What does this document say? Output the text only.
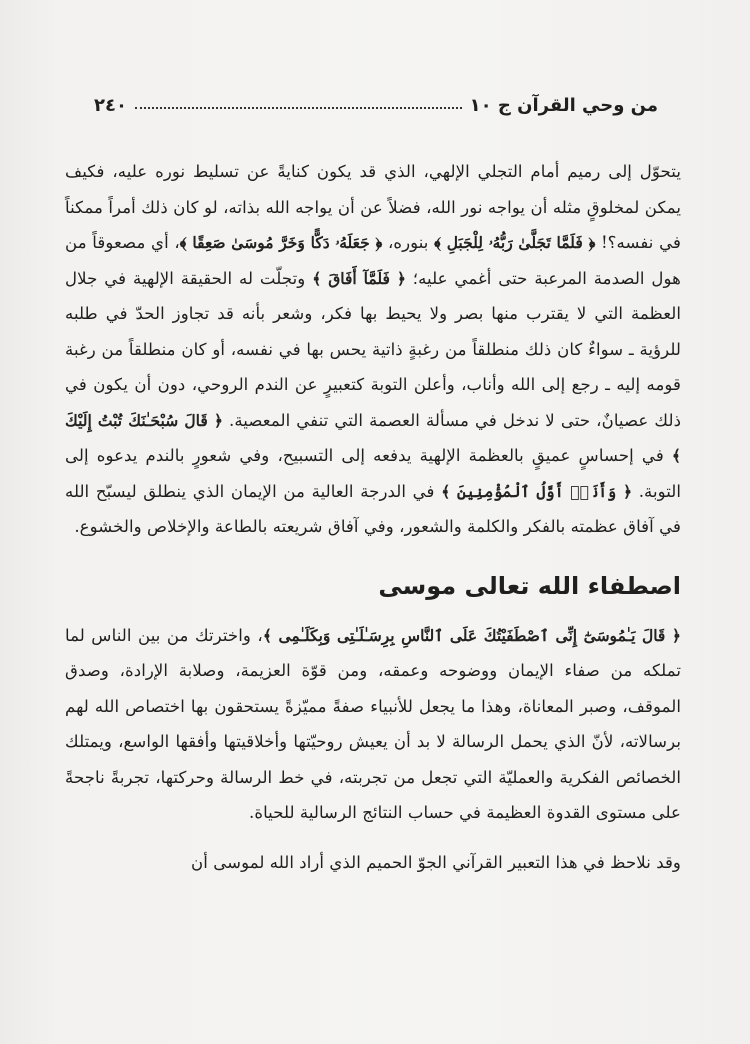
من وحي القرآن ج ١٠
٢٤٠

يتحوّل إلى رميم أمام التجلي الإلهي، الذي قد يكون كنايةً عن تسليط نوره عليه، فكيف يمكن لمخلوقٍ مثله أن يواجه نور الله، فضلاً عن أن يواجه الله بذاته، لو كان ذلك أمراً ممكناً في نفسه؟! ﴿ فَلَمَّا تَجَلَّىٰ رَبُّهُۥ لِلْجَبَلِ ﴾ بنوره، ﴿ جَعَلَهُۥ دَكًّا وَخَرَّ مُوسَىٰ صَعِقًا ﴾، أي مصعوقاً من هول الصدمة المرعبة حتى أغمي عليه؛ ﴿ فَلَمَّآ أَفَاقَ ﴾ وتجلّت له الحقيقة الإلهية في جلال العظمة التي لا يقترب منها بصر ولا يحيط بها فكر، وشعر بأنه قد تجاوز الحدّ في طلبه للرؤية ـ سواءٌ كان ذلك منطلقاً من رغبةٍ ذاتية يحس بها في نفسه، أو كان منطلقاً من رغبة قومه إليه ـ رجع إلى الله وأناب، وأعلن التوبة كتعبيرٍ عن الندم الروحي، دون أن يكون في ذلك عصيانٌ، حتى لا ندخل في مسألة العصمة التي تنفي المعصية. ﴿ قَالَ سُبْحَـٰنَكَ تُبْتُ إِلَيْكَ ﴾ في إحساسٍ عميقٍ بالعظمة الإلهية يدفعه إلى التسبيح، وفي شعورٍ بالندم يدعوه إلى التوبة. ﴿ وَأَنَا۠ أَوَّلُ ٱلْمُؤْمِنِينَ ﴾ في الدرجة العالية من الإيمان الذي ينطلق ليسبّح الله في آفاق عظمته بالفكر والكلمة والشعور، وفي آفاق شريعته بالطاعة والإخلاص والخشوع.

اصطفاء الله تعالى موسى

﴿ قَالَ يَـٰمُوسَىٰٓ إِنِّى ٱصْطَفَيْتُكَ عَلَى ٱلنَّاسِ بِرِسَـٰلَـٰتِى وَبِكَلَـٰمِى ﴾، واخترتك من بين الناس لما تملكه من صفاء الإيمان ووضوحه وعمقه، ومن قوّة العزيمة، وصلابة الإرادة، وصدق الموقف، وصبر المعاناة، وهذا ما يجعل للأنبياء صفةً مميّزةً يستحقون بها اختصاص الله لهم برسالاته، لأنّ الذي يحمل الرسالة لا بد أن يعيش روحيّتها وأخلاقيتها وأفقها الواسع، ويمتلك الخصائص الفكرية والعمليّة التي تجعل من تجربته، في خط الرسالة وحركتها، تجربةً ناجحةً على مستوى القدوة العظيمة في حساب النتائج الرسالية للحياة.

وقد نلاحظ في هذا التعبير القرآني الجوّ الحميم الذي أراد الله لموسى أن
